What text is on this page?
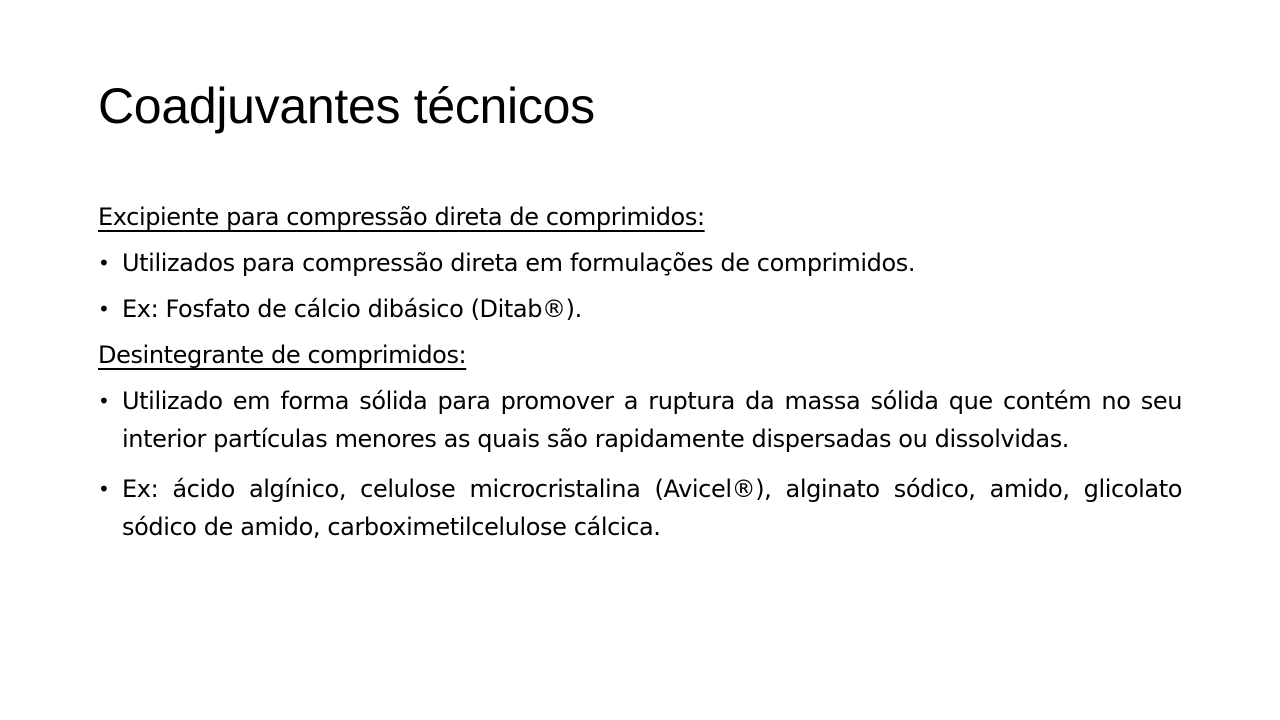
Coadjuvantes técnicos

Excipiente para compressão direta de comprimidos:

• Utilizados para compressão direta em formulações de comprimidos.

• Ex: Fosfato de cálcio dibásico (Ditab®).

Desintegrante de comprimidos:

• Utilizado em forma sólida para promover a ruptura da massa sólida que contém no seu interior partículas menores as quais são rapidamente dispersadas ou dissolvidas.

• Ex: ácido algínico, celulose microcristalina (Avicel®), alginato sódico, amido, glicolato sódico de amido, carboximetilcelulose cálcica.
